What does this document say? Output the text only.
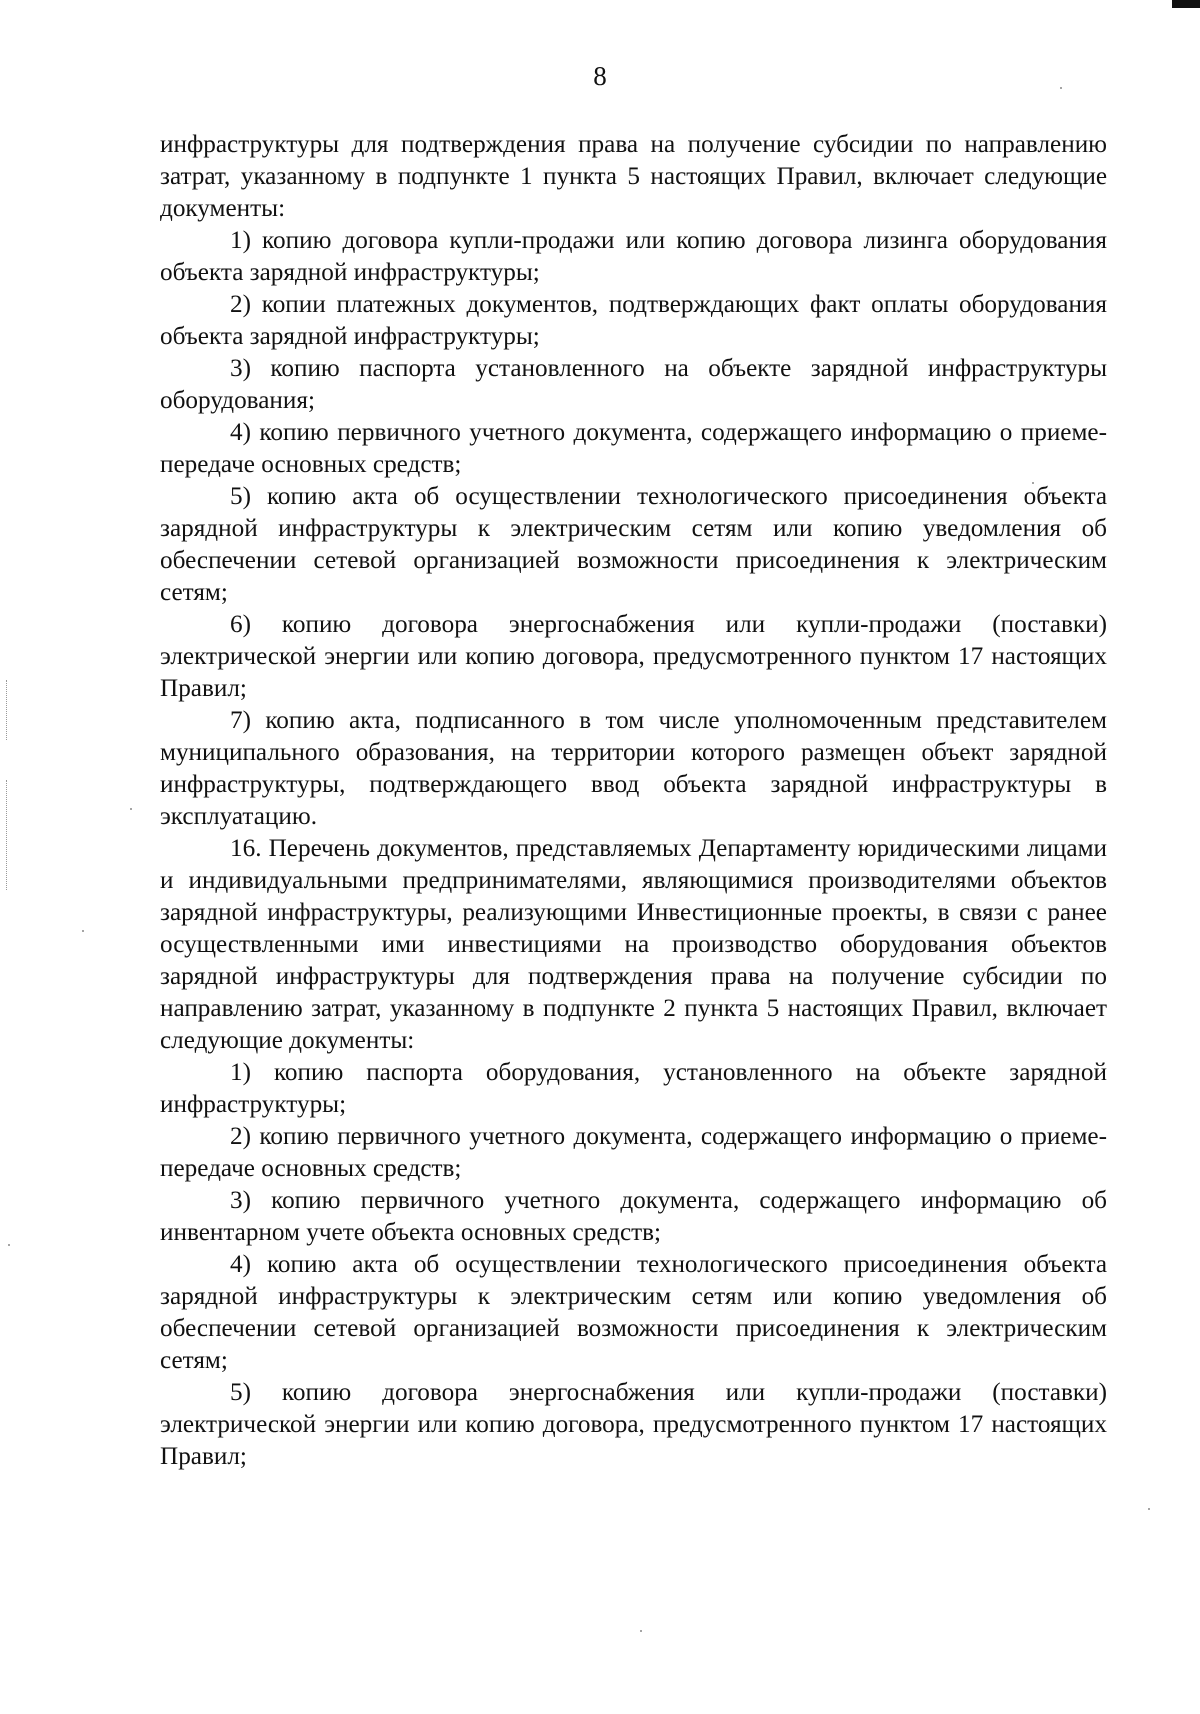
8

инфраструктуры для подтверждения права на получение субсидии по направлению затрат, указанному в подпункте 1 пункта 5 настоящих Правил, включает следующие документы:

1) копию договора купли-продажи или копию договора лизинга оборудования объекта зарядной инфраструктуры;

2) копии платежных документов, подтверждающих факт оплаты оборудования объекта зарядной инфраструктуры;

3) копию паспорта установленного на объекте зарядной инфраструктуры оборудования;

4) копию первичного учетного документа, содержащего информацию о приеме-передаче основных средств;

5) копию акта об осуществлении технологического присоединения объекта зарядной инфраструктуры к электрическим сетям или копию уведомления об обеспечении сетевой организацией возможности присоединения к электрическим сетям;

6) копию договора энергоснабжения или купли-продажи (поставки) электрической энергии или копию договора, предусмотренного пунктом 17 настоящих Правил;

7) копию акта, подписанного в том числе уполномоченным представителем муниципального образования, на территории которого размещен объект зарядной инфраструктуры, подтверждающего ввод объекта зарядной инфраструктуры в эксплуатацию.

16. Перечень документов, представляемых Департаменту юридическими лицами и индивидуальными предпринимателями, являющимися производителями объектов зарядной инфраструктуры, реализующими Инвестиционные проекты, в связи с ранее осуществленными ими инвестициями на производство оборудования объектов зарядной инфраструктуры для подтверждения права на получение субсидии по направлению затрат, указанному в подпункте 2 пункта 5 настоящих Правил, включает следующие документы:

1) копию паспорта оборудования, установленного на объекте зарядной инфраструктуры;

2) копию первичного учетного документа, содержащего информацию о приеме-передаче основных средств;

3) копию первичного учетного документа, содержащего информацию об инвентарном учете объекта основных средств;

4) копию акта об осуществлении технологического присоединения объекта зарядной инфраструктуры к электрическим сетям или копию уведомления об обеспечении сетевой организацией возможности присоединения к электрическим сетям;

5) копию договора энергоснабжения или купли-продажи (поставки) электрической энергии или копию договора, предусмотренного пунктом 17 настоящих Правил;
